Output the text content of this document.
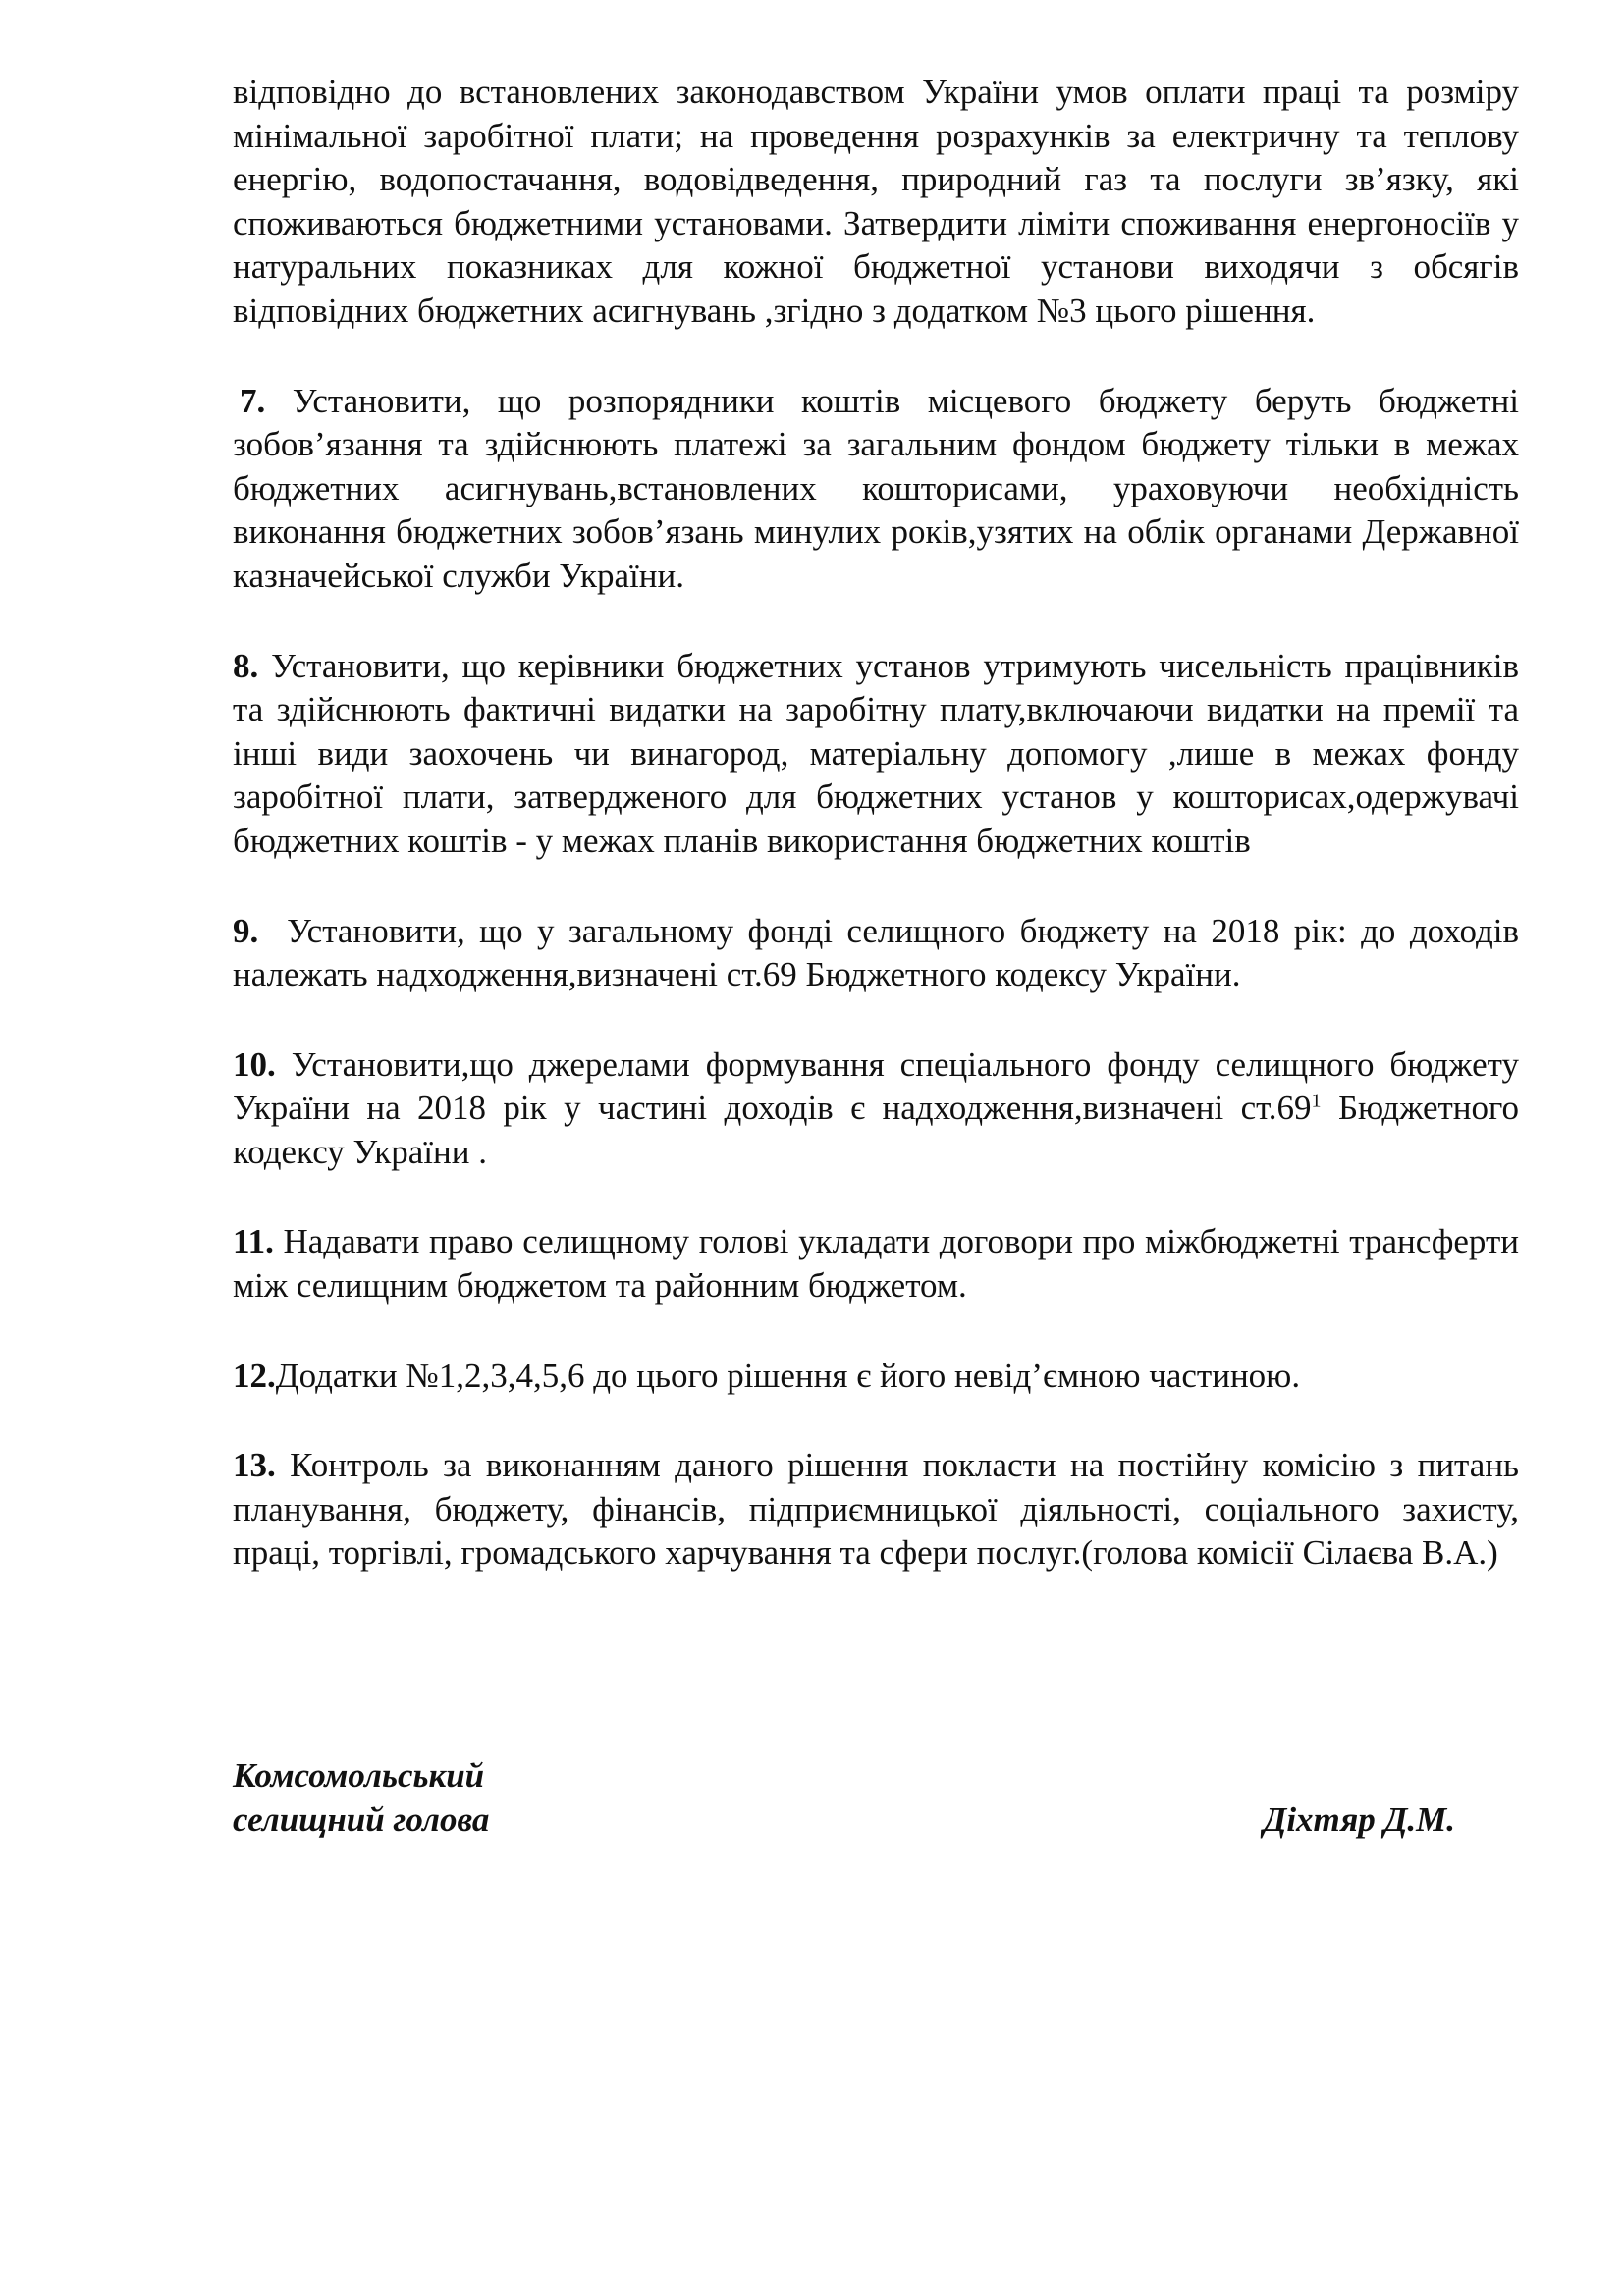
відповідно до встановлених законодавством України умов оплати праці та розміру мінімальної заробітної плати; на проведення розрахунків за електричну та теплову енергію, водопостачання, водовідведення, природний газ та послуги зв’язку, які споживаються бюджетними установами. Затвердити ліміти споживання енергоносіїв у натуральних показниках для кожної бюджетної установи виходячи з обсягів відповідних бюджетних асигнувань ,згідно з додатком №3 цього рішення.

 7. Установити, що розпорядники коштів місцевого бюджету беруть бюджетні зобов’язання та здійснюють платежі за загальним фондом бюджету тільки в межах бюджетних асигнувань,встановлених кошторисами, ураховуючи необхідність виконання бюджетних зобов’язань минулих років,узятих на облік органами Державної казначейської служби України.

8. Установити, що керівники бюджетних установ утримують чисельність працівників та здійснюють фактичні видатки на заробітну плату,включаючи видатки на премії та інші види заохочень чи винагород, матеріальну допомогу ,лише в межах фонду заробітної плати, затвердженого для бюджетних установ у кошторисах,одержувачі бюджетних коштів - у межах планів використання бюджетних коштів

9. Установити, що у загальному фонді селищного бюджету на 2018 рік: до доходів належать надходження,визначені ст.69 Бюджетного кодексу України.

10. Установити,що джерелами формування спеціального фонду селищного бюджету України на 2018 рік у частині доходів є надходження,визначені $ст.69^1$ Бюджетного кодексу України .

11. Надавати право селищному голові укладати договори про міжбюджетні трансферти між селищним бюджетом та районним бюджетом.

12.Додатки №1,2,3,4,5,6 до цього рішення є його невід’ємною частиною.

13. Контроль за виконанням даного рішення покласти на постійну комісію з питань планування, бюджету, фінансів, підприємницької діяльності, соціального захисту, праці, торгівлі, громадського харчування та сфери послуг.(голова комісії Сілаєва В.А.)

Комсомольський
селищний голова	Діхтяр Д.М.
